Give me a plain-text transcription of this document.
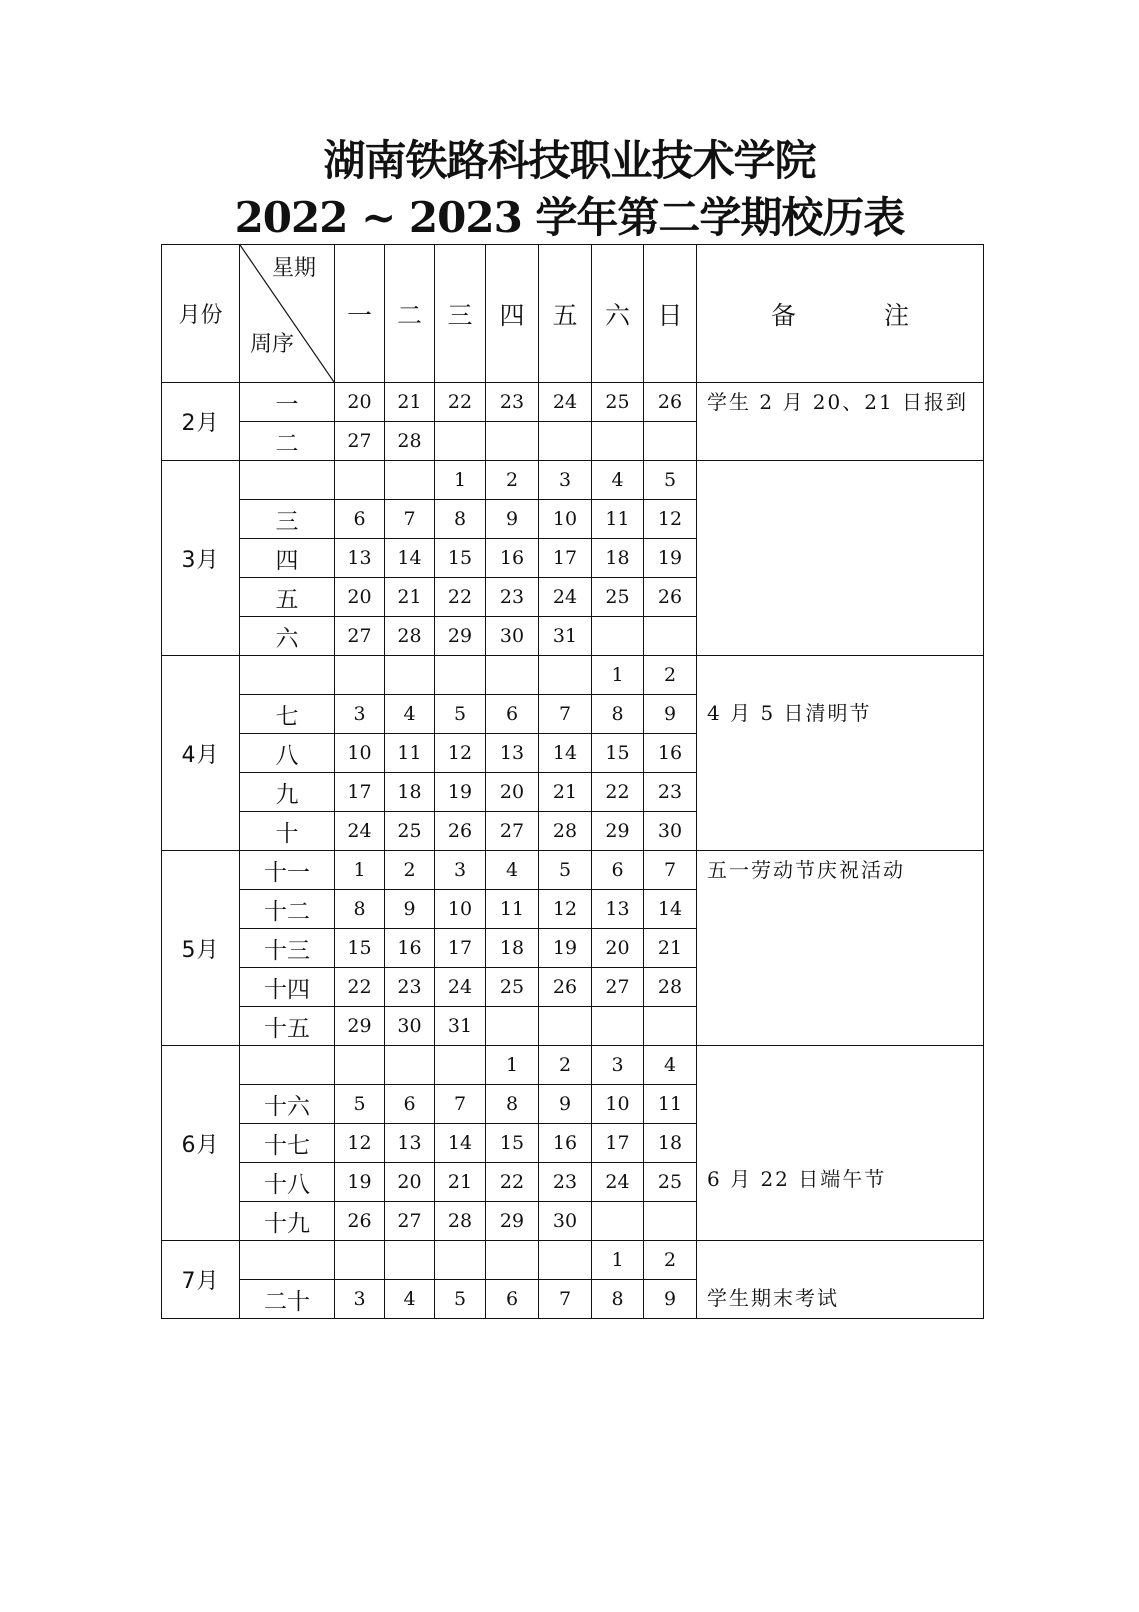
湖南铁路科技职业技术学院
2022 ~ 2023 学年第二学期校历表
月份	星期
周序	一	二	三	四	五	六	日	备 注
2月	一	20	21	22	23	24	25	26	学生 2 月 20、21 日报到

	二	27	28						
3月				1	2	3	4	5	
	三	6	7	8	9	10	11	12	
	四	13	14	15	16	17	18	19	
	五	20	21	22	23	24	25	26	
	六	27	28	29	30	31			
4月							1	2	4 月 5 日清明节

	七	3	4	5	6	7	8	9	
	八	10	11	12	13	14	15	16	
	九	17	18	19	20	21	22	23	
	十	24	25	26	27	28	29	30	
5月	十一	1	2	3	4	5	6	7	五一劳动节庆祝活动

	十二	8	9	10	11	12	13	14	
	十三	15	16	17	18	19	20	21	
	十四	22	23	24	25	26	27	28	
	十五	29	30	31					
6月					1	2	3	4	6 月 22 日端午节

	十六	5	6	7	8	9	10	11	
	十七	12	13	14	15	16	17	18	
	十八	19	20	21	22	23	24	25	
	十九	26	27	28	29	30			
7月							1	2	学生期末考试

	二十	3	4	5	6	7	8	9	
